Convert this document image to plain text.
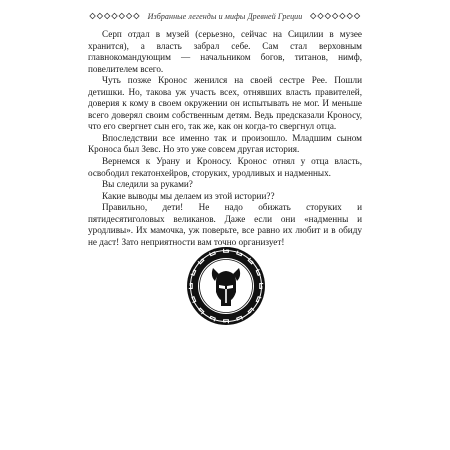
Избранные легенды и мифы Древней Греции

Серп отдал в музей (серьезно, сейчас на Сицилии в музее хранится), а власть забрал себе. Сам стал верховным главнокомандующим — начальником богов, титанов, нимф, повелителем всего.

Чуть позже Кронос женился на своей сестре Рее. Пошли детишки. Но, такова уж участь всех, отнявших власть правителей, доверия к кому в своем окружении он испытывать не мог. И меньше всего доверял своим собственным детям. Ведь предсказали Кроносу, что его свергнет сын его, так же, как он когда-то свергнул отца.

Впоследствии все именно так и произошло. Младшим сыном Кроноса был Зевс. Но это уже совсем другая история.

Вернемся к Урану и Кроносу. Кронос отнял у отца власть, освободил гекатонхейров, сторуких, уродливых и надменных.

Вы следили за руками?

Какие выводы мы делаем из этой истории??

Правильно, дети! Не надо обижать сторуких и пятидесятиголовых великанов. Даже если они «надменны и уродливы». Их мамочка, уж поверьте, все равно их любит и в обиду не даст! Зато неприятности вам точно организует!
